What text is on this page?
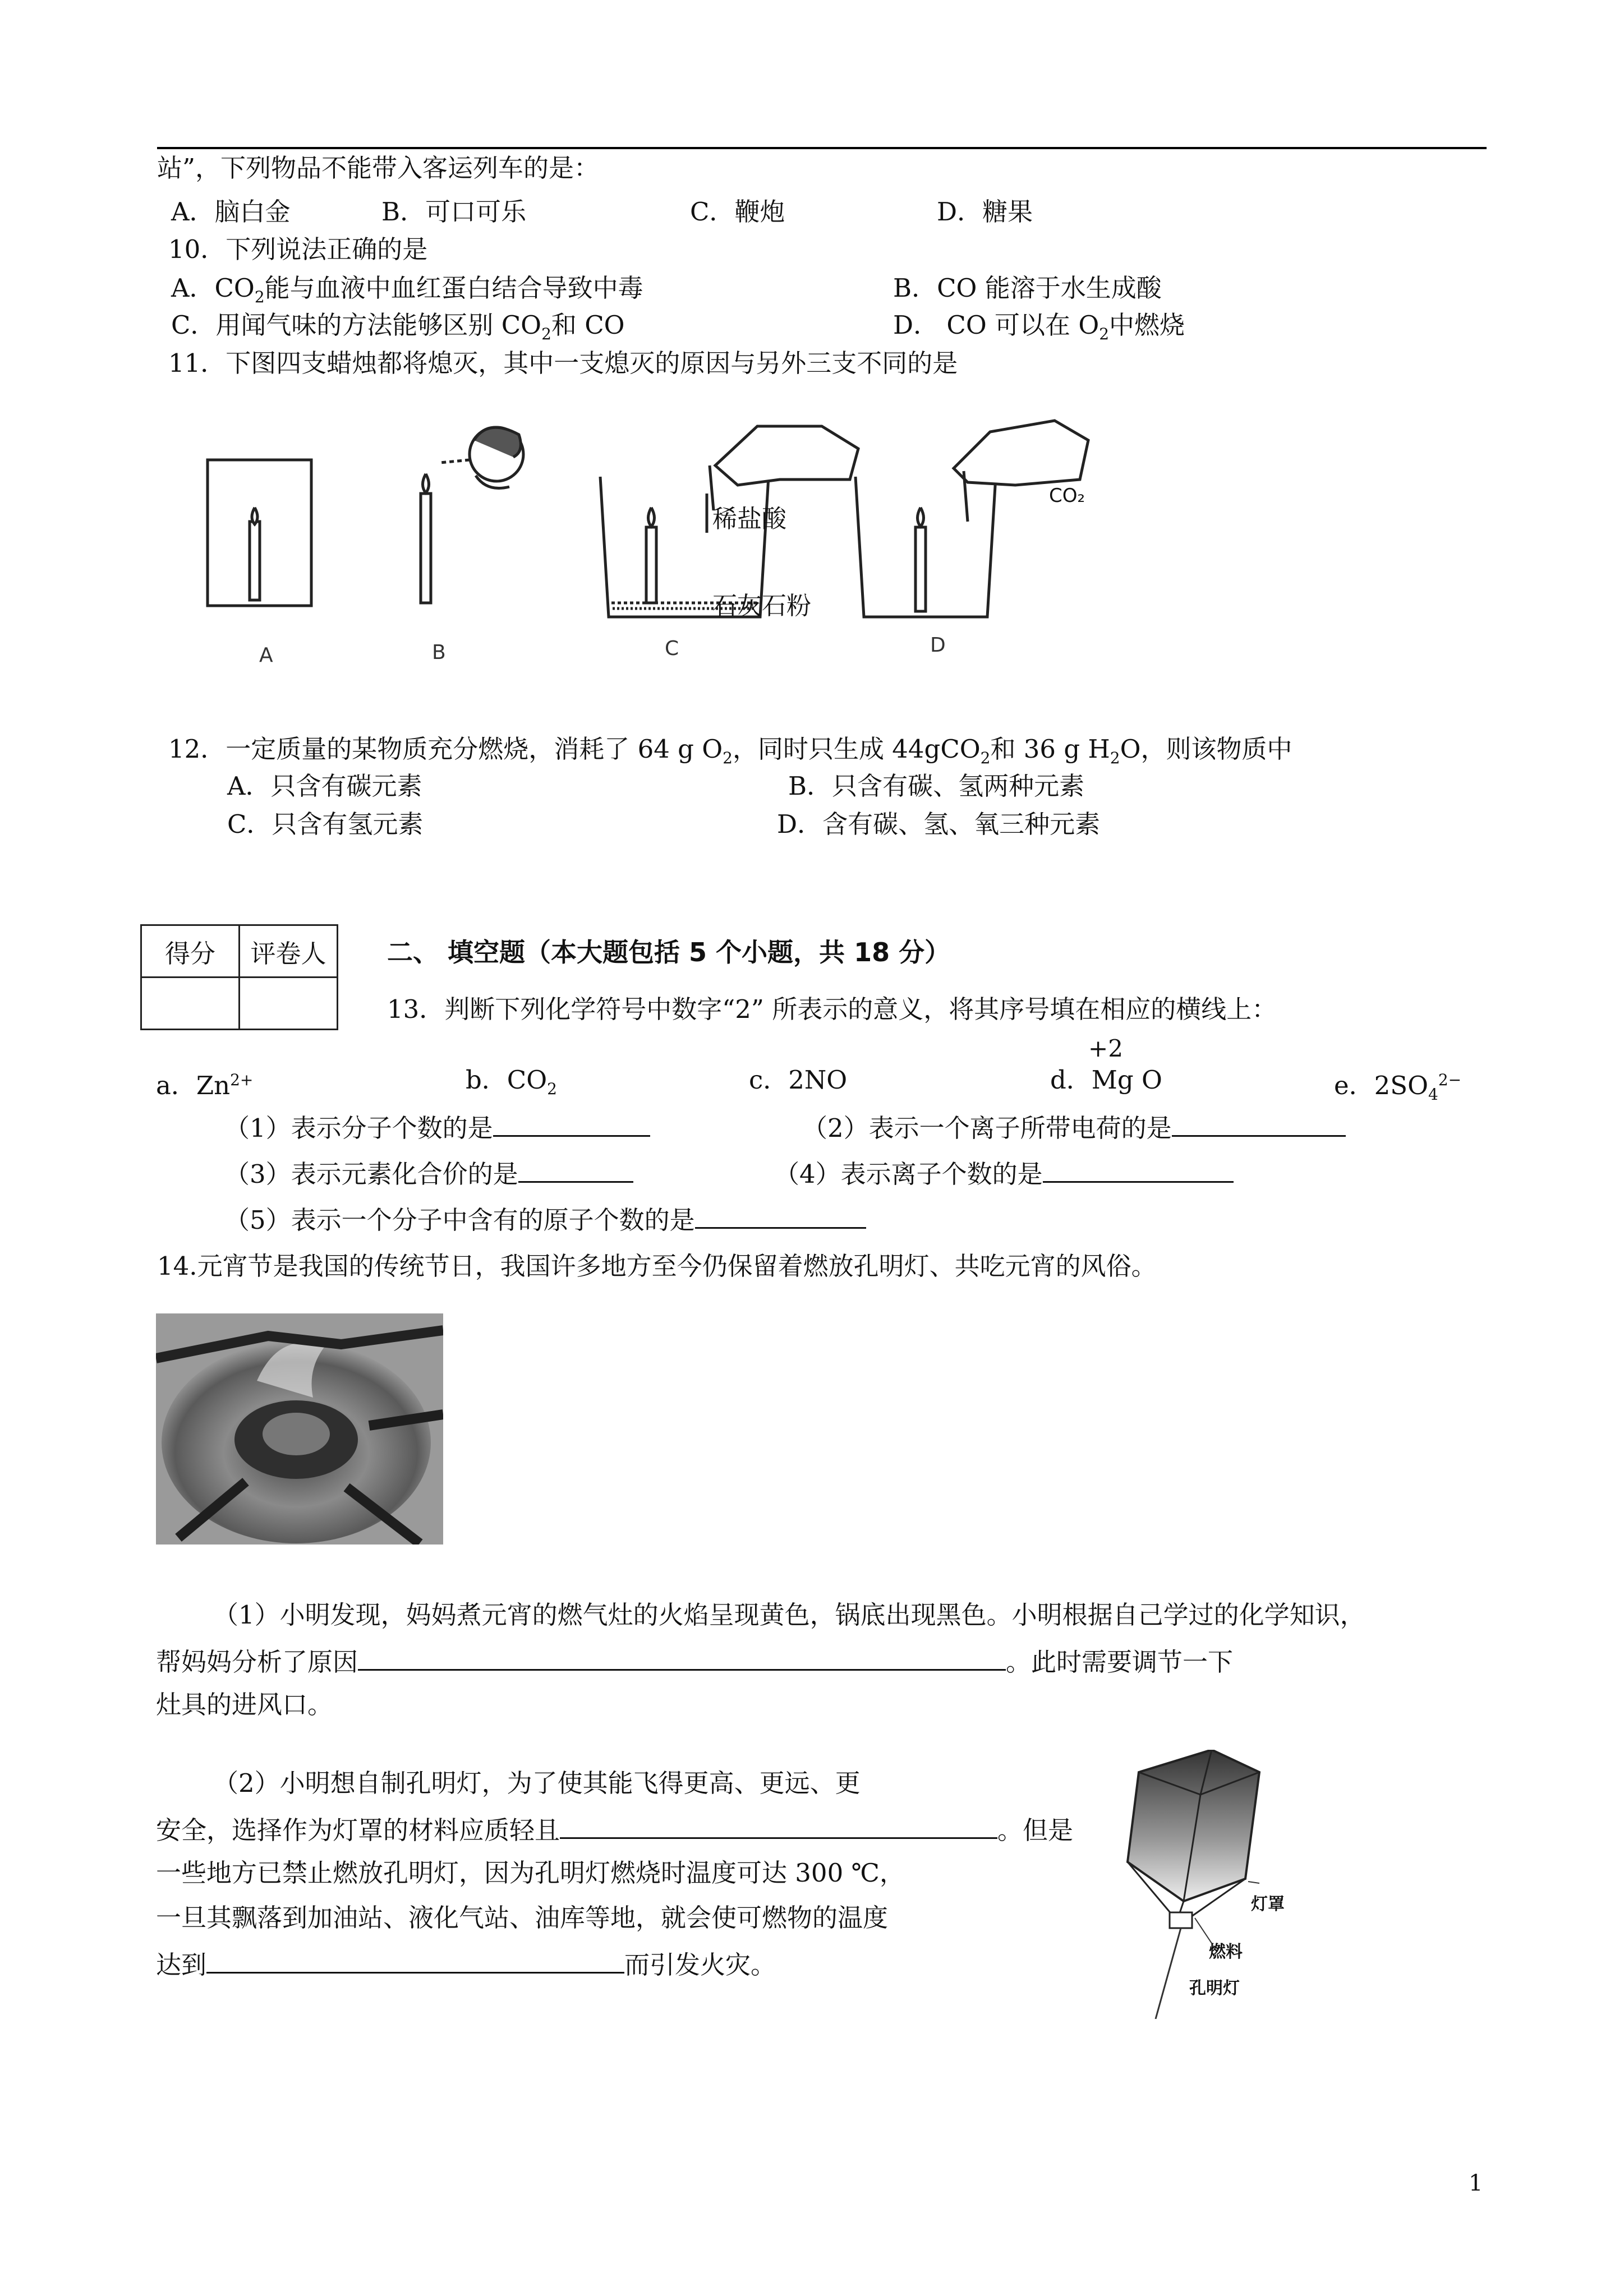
站”，下列物品不能带入客运列车的是：
A．脑白金	B．可口可乐	C．鞭炮	D．糖果
10．下列说法正确的是
A．$CO_2$能与血液中血红蛋白结合导致中毒	B．CO 能溶于水生成酸
C．用闻气味的方法能够区别 $CO_2$和 CO	D． CO 可以在 $O_2$中燃烧
11．下图四支蜡烛都将熄灭，其中一支熄灭的原因与另外三支不同的是
稀盐酸
石灰石粉
CO₂
A	B	C	D
12．一定质量的某物质充分燃烧，消耗了 64 g $O_2$，同时只生成 44gCO$_2$和 36 g $H_2O$，则该物质中
A．只含有碳元素	B．只含有碳、氢两种元素
C．只含有氢元素	D．含有碳、氢、氧三种元素
得分	评卷人
	二、 填空题（本大题包括 5 个小题，共 18 分）
13．判断下列化学符号中数字“2” 所表示的意义，将其序号填在相应的横线上：
+2
a．$Zn^{2+}$	b．$CO_2$	c．2NO	d．Mg O	e．$2SO_4^{2-}$
（1）表示分子个数的是	（2）表示一个离子所带电荷的是
（3）表示元素化合价的是	（4）表示离子个数的是
（5）表示一个分子中含有的原子个数的是
14.元宵节是我国的传统节日，我国许多地方至今仍保留着燃放孔明灯、共吃元宵的风俗。
（1）小明发现，妈妈煮元宵的燃气灶的火焰呈现黄色，锅底出现黑色。小明根据自己学过的化学知识，
帮妈妈分析了原因	。此时需要调节一下
灶具的进风口。
（2）小明想自制孔明灯，为了使其能飞得更高、更远、更
安全，选择作为灯罩的材料应质轻且	。但是
一些地方已禁止燃放孔明灯，因为孔明灯燃烧时温度可达 300 ℃，
一旦其飘落到加油站、液化气站、油库等地，就会使可燃物的温度
达到	而引发火灾。
灯罩
燃料
孔明灯
1
